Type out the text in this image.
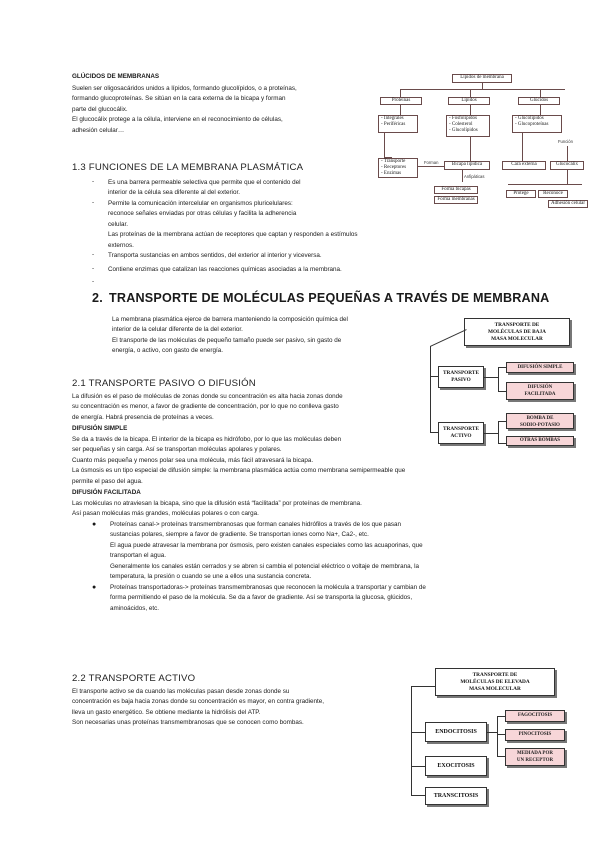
GLÚCIDOS DE MEMBRANAS
Suelen ser oligosacáridos unidos a lípidos, formando glucolípidos, o a proteínas,
formando glucoproteínas. Se sitúan en la cara externa de la bicapa y forman
parte del glucocálix.
El glucocálix protege a la célula, interviene en el reconocimiento de células,
adhesión celular…
Lípidos de membrana
Proteínas	Lípidos	Glúcidos
- Integrales
- Periféricas
- Fosfolípidos
- Colesterol
- Glucolípidos
- Glucolípidos
- Glucoproteínas
- Transporte
- Receptores
- Enzimas
Bicapa lipídica
Forman
Anfipáticas
Forma bicapas
Forma membranas
Cara externa	Glucocálix
Función
Protege	Reconoce
Adhesión celular
1.3 FUNCIONES DE LA MEMBRANA PLASMÁTICA
- Es una barrera permeable selectiva que permite que el contenido del
interior de la célula sea diferente al del exterior.
- Permite la comunicación intercelular en organismos pluricelulares:
reconoce señales enviadas por otras células y facilita la adherencia
celular.
Las proteínas de la membrana actúan de receptores que captan y responden a estímulos externos.
- Transporta sustancias en ambos sentidos, del exterior al interior y viceversa.
- Contiene enzimas que catalizan las reacciones químicas asociadas a la membrana.
-
2. TRANSPORTE DE MOLÉCULAS PEQUEÑAS A TRAVÉS DE MEMBRANA
La membrana plasmática ejerce de barrera manteniendo la composición química del
interior de la celular diferente de la del exterior.
El transporte de las moléculas de pequeño tamaño puede ser pasivo, sin gasto de
energía, o activo, con gasto de energía.
TRANSPORTE DE
MOLÉCULAS DE BAJA
MASA MOLECULAR
TRANSPORTE
PASIVO
TRANSPORTE
ACTIVO
DIFUSIÓN SIMPLE
DIFUSIÓN
FACILITADA
BOMBA DE
SODIO-POTASIO
OTRAS BOMBAS
2.1 TRANSPORTE PASIVO O DIFUSIÓN
La difusión es el paso de moléculas de zonas donde su concentración es alta hacia zonas donde
su concentración es menor, a favor de gradiente de concentración, por lo que no conlleva gasto
de energía. Habrá presencia de proteínas a veces.
DIFUSIÓN SIMPLE
Se da a través de la bicapa. El interior de la bicapa es hidrófobo, por lo que las moléculas deben
ser pequeñas y sin carga. Así se transportan moléculas apolares y polares.
Cuanto más pequeña y menos polar sea una molécula, más fácil atravesará la bicapa.
La ósmosis es un tipo especial de difusión simple: la membrana plasmática actúa como membrana semipermeable que
permite el paso del agua.
DIFUSIÓN FACILITADA
Las moléculas no atraviesan la bicapa, sino que la difusión está “facilitada” por proteínas de membrana.
Así pasan moléculas más grandes, moléculas polares o con carga.
● Proteínas canal-> proteínas transmembranosas que forman canales hidrófilos a través de los que pasan
sustancias polares, siempre a favor de gradiente. Se transportan iones como Na+, Ca2-, etc.
El agua puede atravesar la membrana por ósmosis, pero existen canales especiales como las acuaporinas, que
transportan el agua.
Generalmente los canales están cerrados y se abren si cambia el potencial eléctrico o voltaje de membrana, la
temperatura, la presión o cuando se une a ellos una sustancia concreta.
● Proteínas transportadoras-> proteínas transmembranosas que reconocen la molécula a transportar y cambian de
forma permitiendo el paso de la molécula. Se da a favor de gradiente. Así se transporta la glucosa, glúcidos,
aminoácidos, etc.
2.2 TRANSPORTE ACTIVO
El transporte activo se da cuando las moléculas pasan desde zonas donde su
concentración es baja hacia zonas donde su concentración es mayor, en contra gradiente,
lleva un gasto energético. Se obtiene mediante la hidrólisis del ATP.
Son necesarias unas proteínas transmembranosas que se conocen como bombas.
TRANSPORTE DE
MOLÉCULAS DE ELEVADA
MASA MOLECULAR
ENDOCITOSIS
EXOCITOSIS
TRANSCITOSIS
FAGOCITOSIS
PINOCITOSIS
MEDIADA POR
UN RECEPTOR
